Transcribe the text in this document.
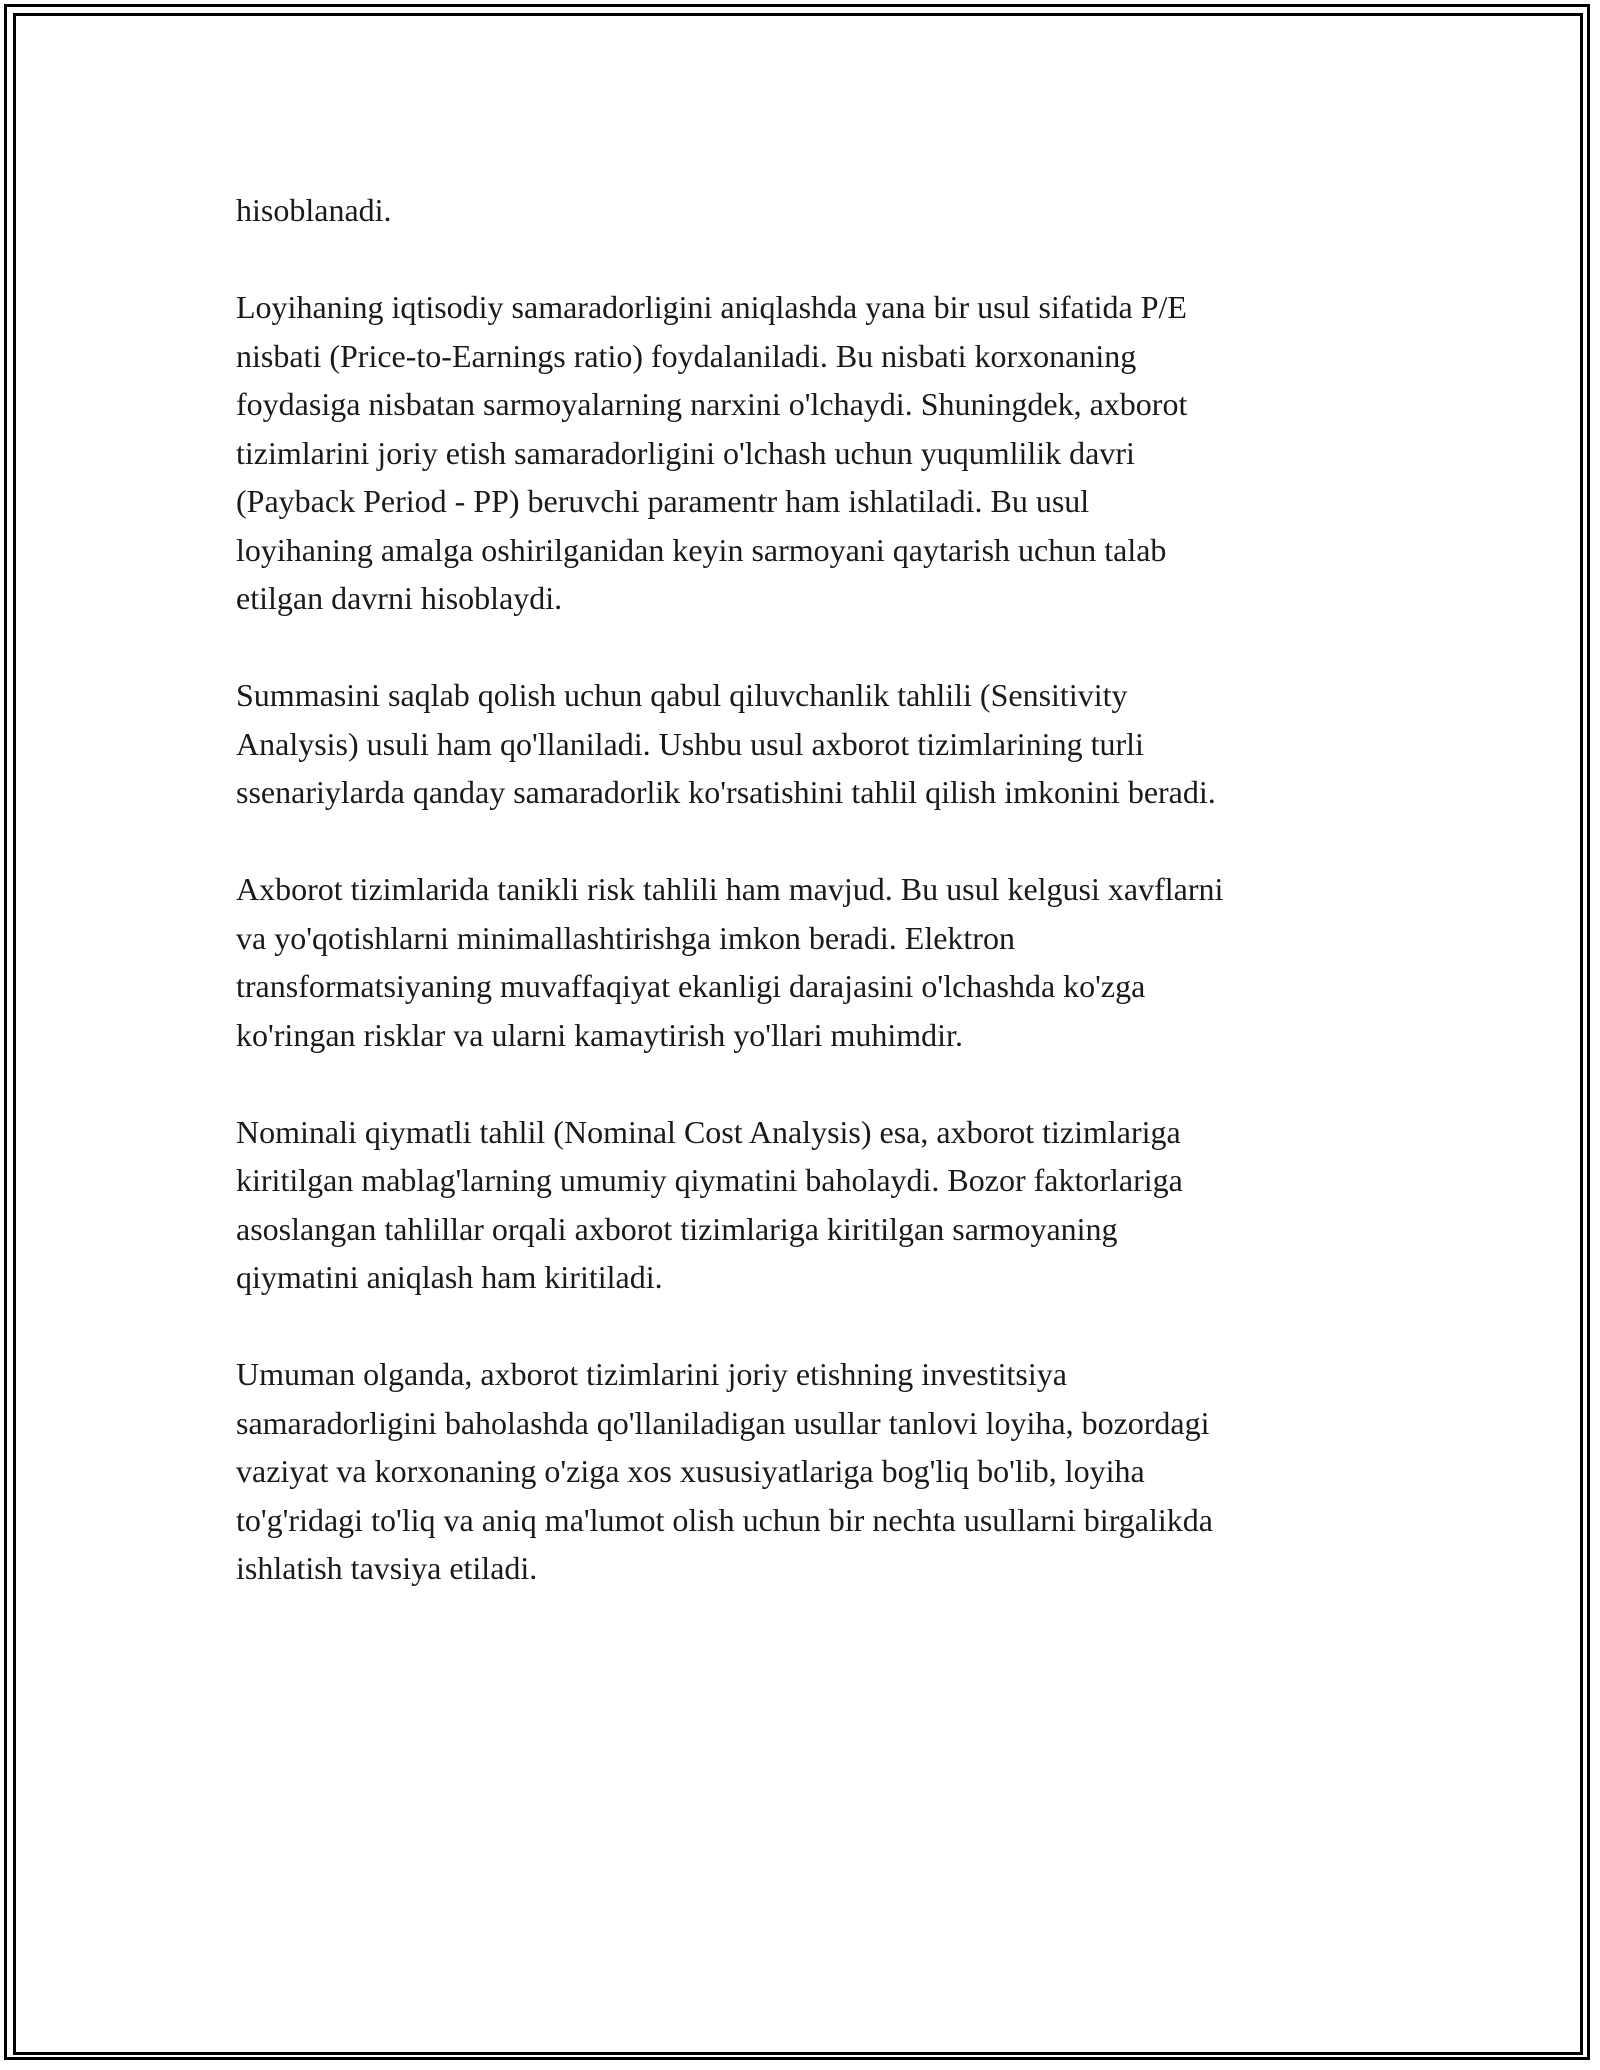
hisoblanadi.

Loyihaning iqtisodiy samaradorligini aniqlashda yana bir usul sifatida P/E
nisbati (Price-to-Earnings ratio) foydalaniladi. Bu nisbati korxonaning
foydasiga nisbatan sarmoyalarning narxini o'lchaydi. Shuningdek, axborot
tizimlarini joriy etish samaradorligini o'lchash uchun yuqumlilik davri
(Payback Period - PP) beruvchi paramentr ham ishlatiladi. Bu usul
loyihaning amalga oshirilganidan keyin sarmoyani qaytarish uchun talab
etilgan davrni hisoblaydi.

Summasini saqlab qolish uchun qabul qiluvchanlik tahlili (Sensitivity
Analysis) usuli ham qo'llaniladi. Ushbu usul axborot tizimlarining turli
ssenariylarda qanday samaradorlik ko'rsatishini tahlil qilish imkonini beradi.

Axborot tizimlarida tanikli risk tahlili ham mavjud. Bu usul kelgusi xavflarni
va yo'qotishlarni minimallashtirishga imkon beradi. Elektron
transformatsiyaning muvaffaqiyat ekanligi darajasini o'lchashda ko'zga
ko'ringan risklar va ularni kamaytirish yo'llari muhimdir.

Nominali qiymatli tahlil (Nominal Cost Analysis) esa, axborot tizimlariga
kiritilgan mablag'larning umumiy qiymatini baholaydi. Bozor faktorlariga
asoslangan tahlillar orqali axborot tizimlariga kiritilgan sarmoyaning
qiymatini aniqlash ham kiritiladi.

Umuman olganda, axborot tizimlarini joriy etishning investitsiya
samaradorligini baholashda qo'llaniladigan usullar tanlovi loyiha, bozordagi
vaziyat va korxonaning o'ziga xos xususiyatlariga bog'liq bo'lib, loyiha
to'g'ridagi to'liq va aniq ma'lumot olish uchun bir nechta usullarni birgalikda
ishlatish tavsiya etiladi.
